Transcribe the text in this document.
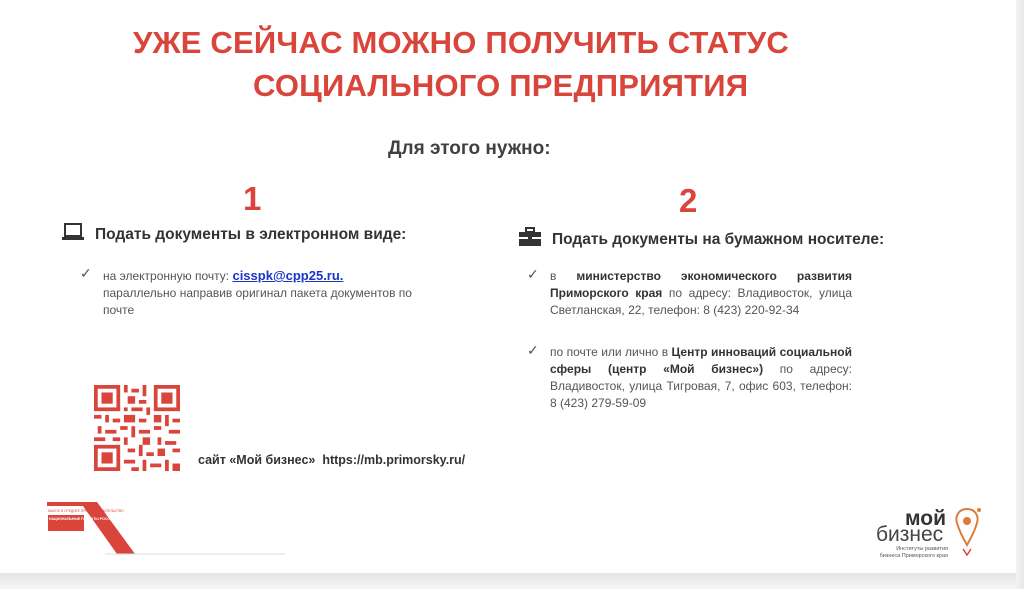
УЖЕ СЕЙЧАС МОЖНО ПОЛУЧИТЬ СТАТУС
СОЦИАЛЬНОГО ПРЕДПРИЯТИЯ
Для этого нужно:
1	2
Подать документы в электронном виде:	Подать документы на бумажном носителе:
✓ на электронную почту: cisspk@cpp25.ru.
параллельно направив оригинал пакета документов по почте
✓ в министерство экономического развития Приморского края по адресу: Владивосток, улица Светланская, 22, телефон: 8 (423) 220-92-34
✓ по почте или лично в Центр инноваций социальной сферы (центр «Мой бизнес») по адресу: Владивосток, улица Тигровая, 7, офис 603, телефон: 8 (423) 279-59-09
сайт «Мой бизнес» https://mb.primorsky.ru/
МАЛОЕ И СРЕДНЕЕ ПРЕДПРИНИМАТЕЛЬСТВО
НАЦИОНАЛЬНЫЕ ПРОЕКТЫ РОССИИ	мой
бизнес
Институты развития бизнеса Приморского края
